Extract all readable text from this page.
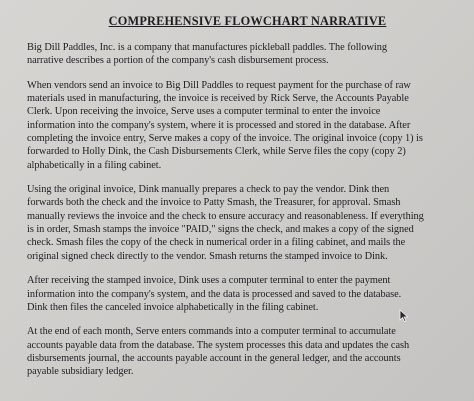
COMPREHENSIVE FLOWCHART NARRATIVE

Big Dill Paddles, Inc. is a company that manufactures pickleball paddles. The following
narrative describes a portion of the company's cash disbursement process.

When vendors send an invoice to Big Dill Paddles to request payment for the purchase of raw
materials used in manufacturing, the invoice is received by Rick Serve, the Accounts Payable
Clerk. Upon receiving the invoice, Serve uses a computer terminal to enter the invoice
information into the company's system, where it is processed and stored in the database. After
completing the invoice entry, Serve makes a copy of the invoice. The original invoice (copy 1) is
forwarded to Holly Dink, the Cash Disbursements Clerk, while Serve files the copy (copy 2)
alphabetically in a filing cabinet.

Using the original invoice, Dink manually prepares a check to pay the vendor. Dink then
forwards both the check and the invoice to Patty Smash, the Treasurer, for approval. Smash
manually reviews the invoice and the check to ensure accuracy and reasonableness. If everything
is in order, Smash stamps the invoice "PAID," signs the check, and makes a copy of the signed
check. Smash files the copy of the check in numerical order in a filing cabinet, and mails the
original signed check directly to the vendor. Smash returns the stamped invoice to Dink.

After receiving the stamped invoice, Dink uses a computer terminal to enter the payment
information into the company's system, and the data is processed and saved to the database.
Dink then files the canceled invoice alphabetically in the filing cabinet.

At the end of each month, Serve enters commands into a computer terminal to accumulate
accounts payable data from the database. The system processes this data and updates the cash
disbursements journal, the accounts payable account in the general ledger, and the accounts
payable subsidiary ledger.
